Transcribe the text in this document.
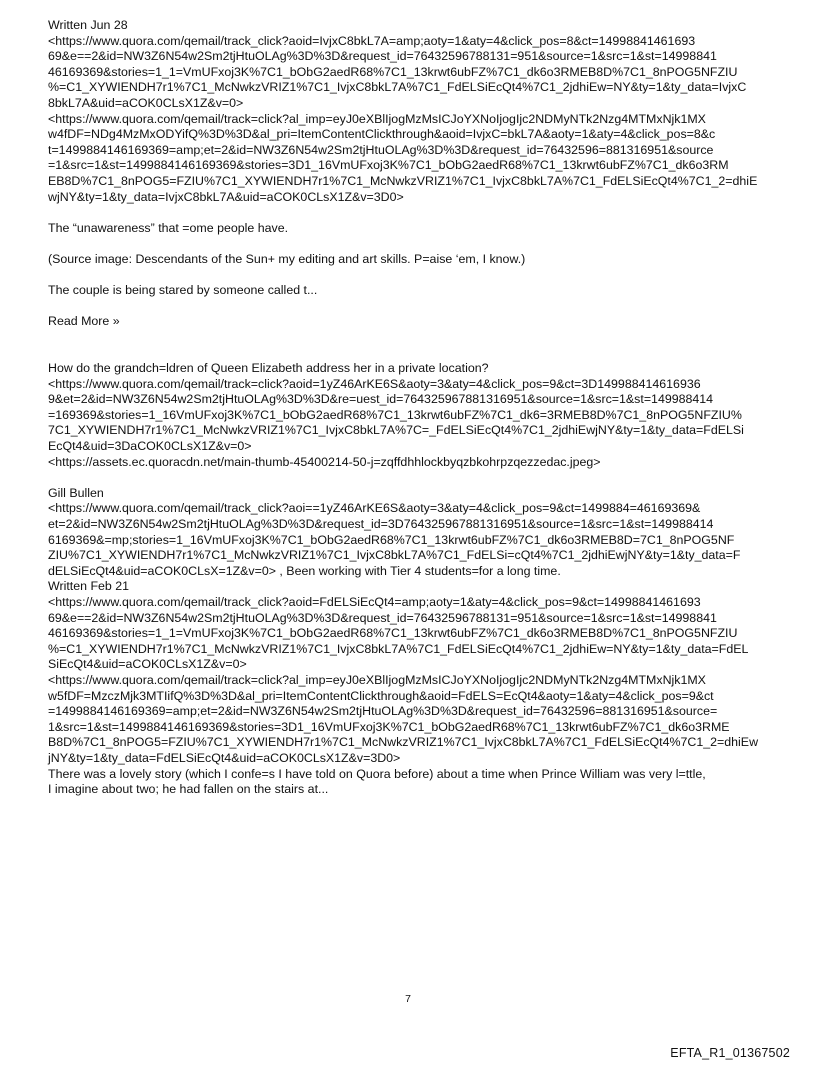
Written Jun 28
<https://www.quora.com/qemail/track_click?aoid=IvjxC8bkL7A=amp;aoty=1&aty=4&click_pos=8&ct=14998841461693
69&e==2&id=NW3Z6N54w2Sm2tjHtuOLAg%3D%3D&request_id=76432596788131=951&source=1&src=1&st=14998841
46169369&stories=1_1=VmUFxoj3K%7C1_bObG2aedR68%7C1_13krwt6ubFZ%7C1_dk6o3RMEB8D%7C1_8nPOG5NFZIU
%=C1_XYWIENDH7r1%7C1_McNwkzVRIZ1%7C1_IvjxC8bkL7A%7C1_FdELSiEcQt4%7C1_2jdhiEw=NY&ty=1&ty_data=IvjxC
8bkL7A&uid=aCOK0CLsX1Z&v=0>
<https://www.quora.com/qemail/track=click?al_imp=eyJ0eXBlIjogMzMsICJoYXNoIjogIjc2NDMyNTk2Nzg4MTMxNjk1MX
w4fDF=NDg4MzMxODYifQ%3D%3D&al_pri=ItemContentClickthrough&aoid=IvjxC=bkL7A&aoty=1&aty=4&click_pos=8&c
t=1499884146169369=amp;et=2&id=NW3Z6N54w2Sm2tjHtuOLAg%3D%3D&request_id=76432596=881316951&source
=1&src=1&st=1499884146169369&stories=3D1_16VmUFxoj3K%7C1_bObG2aedR68%7C1_13krwt6ubFZ%7C1_dk6o3RM
EB8D%7C1_8nPOG5=FZIU%7C1_XYWIENDH7r1%7C1_McNwkzVRIZ1%7C1_IvjxC8bkL7A%7C1_FdELSiEcQt4%7C1_2=dhiE
wjNY&ty=1&ty_data=IvjxC8bkL7A&uid=aCOK0CLsX1Z&v=3D0>
The “unawareness” that =ome people have.
(Source image: Descendants of the Sun+ my editing and art skills. P=aise ‘em, I know.)
The couple is being stared by someone called t...
Read More »
How do the grandch=ldren of Queen Elizabeth address her in a private location?
<https://www.quora.com/qemail/track=click?aoid=1yZ46ArKE6S&aoty=3&aty=4&click_pos=9&ct=3D149988414616936
9&et=2&id=NW3Z6N54w2Sm2tjHtuOLAg%3D%3D&re=uest_id=764325967881316951&source=1&src=1&st=149988414
=169369&stories=1_16VmUFxoj3K%7C1_bObG2aedR68%7C1_13krwt6ubFZ%7C1_dk6=3RMEB8D%7C1_8nPOG5NFZIU%
7C1_XYWIENDH7r1%7C1_McNwkzVRIZ1%7C1_IvjxC8bkL7A%7C=_FdELSiEcQt4%7C1_2jdhiEwjNY&ty=1&ty_data=FdELSi
EcQt4&uid=3DaCOK0CLsX1Z&v=0>
<https://assets.ec.quoracdn.net/main-thumb-45400214-50-j=zqffdhhlockbyqzbkohrpzqezzedac.jpeg>
Gill Bullen
<https://www.quora.com/qemail/track_click?aoi==1yZ46ArKE6S&aoty=3&aty=4&click_pos=9&ct=1499884=46169369&
et=2&id=NW3Z6N54w2Sm2tjHtuOLAg%3D%3D&request_id=3D764325967881316951&source=1&src=1&st=149988414
6169369&=mp;stories=1_16VmUFxoj3K%7C1_bObG2aedR68%7C1_13krwt6ubFZ%7C1_dk6o3RMEB8D=7C1_8nPOG5NF
ZIU%7C1_XYWIENDH7r1%7C1_McNwkzVRIZ1%7C1_IvjxC8bkL7A%7C1_FdELSi=cQt4%7C1_2jdhiEwjNY&ty=1&ty_data=F
dELSiEcQt4&uid=aCOK0CLsX=1Z&v=0> , Been working with Tier 4 students=for a long time.
Written Feb 21
<https://www.quora.com/qemail/track_click?aoid=FdELSiEcQt4=amp;aoty=1&aty=4&click_pos=9&ct=14998841461693
69&e==2&id=NW3Z6N54w2Sm2tjHtuOLAg%3D%3D&request_id=76432596788131=951&source=1&src=1&st=14998841
46169369&stories=1_1=VmUFxoj3K%7C1_bObG2aedR68%7C1_13krwt6ubFZ%7C1_dk6o3RMEB8D%7C1_8nPOG5NFZIU
%=C1_XYWIENDH7r1%7C1_McNwkzVRIZ1%7C1_IvjxC8bkL7A%7C1_FdELSiEcQt4%7C1_2jdhiEw=NY&ty=1&ty_data=FdEL
SiEcQt4&uid=aCOK0CLsX1Z&v=0>
<https://www.quora.com/qemail/track=click?al_imp=eyJ0eXBlIjogMzMsICJoYXNoIjogIjc2NDMyNTk2Nzg4MTMxNjk1MX
w5fDF=MzczMjk3MTIifQ%3D%3D&al_pri=ItemContentClickthrough&aoid=FdELS=EcQt4&aoty=1&aty=4&click_pos=9&ct
=1499884146169369=amp;et=2&id=NW3Z6N54w2Sm2tjHtuOLAg%3D%3D&request_id=76432596=881316951&source=
1&src=1&st=1499884146169369&stories=3D1_16VmUFxoj3K%7C1_bObG2aedR68%7C1_13krwt6ubFZ%7C1_dk6o3RME
B8D%7C1_8nPOG5=FZIU%7C1_XYWIENDH7r1%7C1_McNwkzVRIZ1%7C1_IvjxC8bkL7A%7C1_FdELSiEcQt4%7C1_2=dhiEw
jNY&ty=1&ty_data=FdELSiEcQt4&uid=aCOK0CLsX1Z&v=3D0>
There was a lovely story (which I confe=s I have told on Quora before) about a time when Prince William was very l=ttle,
I imagine about two; he had fallen on the stairs at...
7
EFTA_R1_01367502
